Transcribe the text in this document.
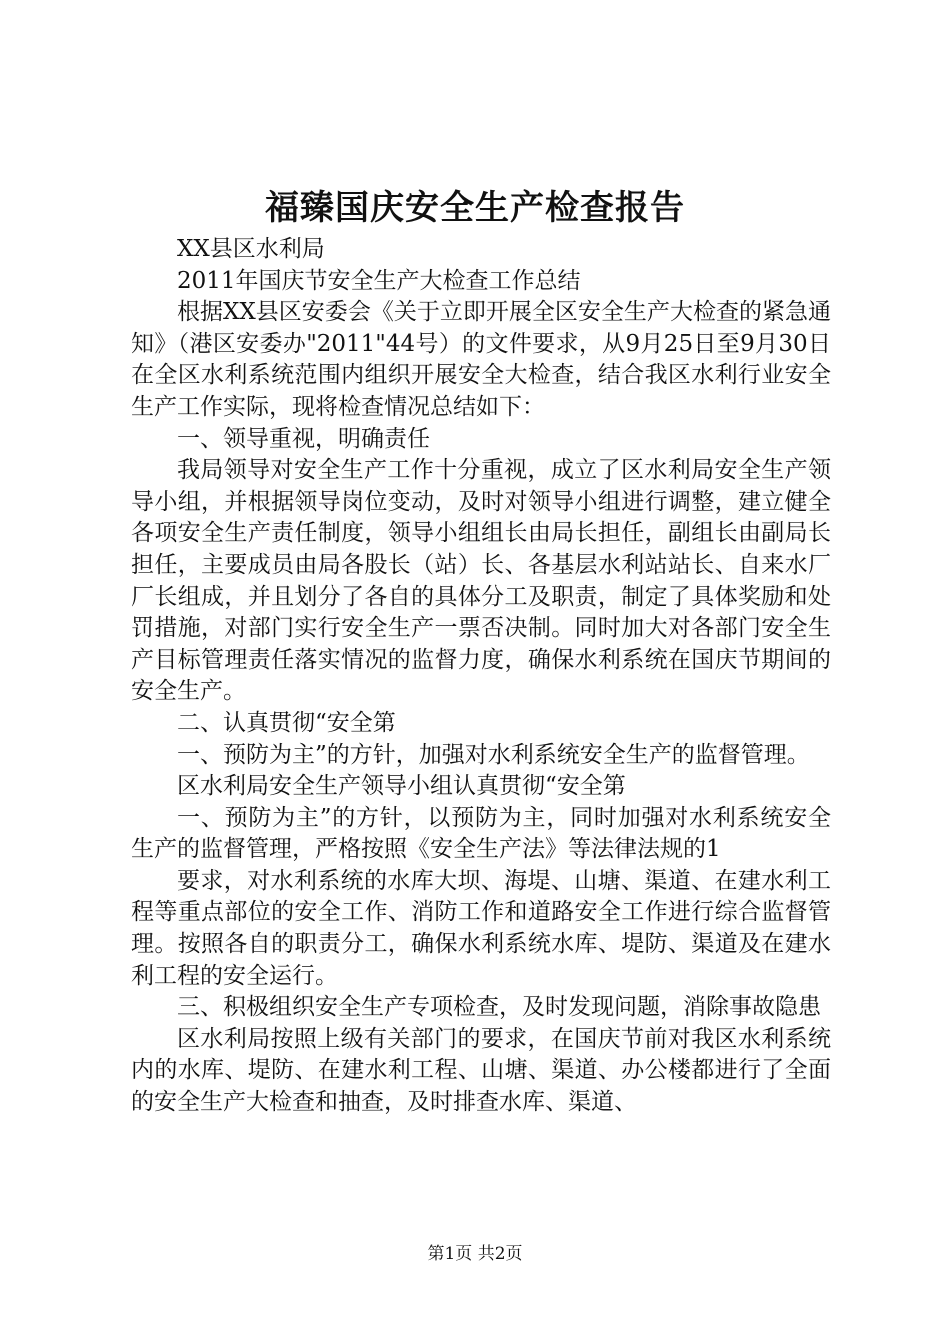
福臻国庆安全生产检查报告

XX县区水利局

2011年国庆节安全生产大检查工作总结

根据XX县区安委会《关于立即开展全区安全生产大检查的紧急通知》（港区安委办"2011"44号）的文件要求，从9月25日至9月30日在全区水利系统范围内组织开展安全大检查，结合我区水利行业安全生产工作实际，现将检查情况总结如下：

一、领导重视，明确责任

我局领导对安全生产工作十分重视，成立了区水利局安全生产领导小组，并根据领导岗位变动，及时对领导小组进行调整，建立健全各项安全生产责任制度，领导小组组长由局长担任，副组长由副局长担任，主要成员由局各股长（站）长、各基层水利站站长、自来水厂厂长组成，并且划分了各自的具体分工及职责，制定了具体奖励和处罚措施，对部门实行安全生产一票否决制。同时加大对各部门安全生产目标管理责任落实情况的监督力度，确保水利系统在国庆节期间的安全生产。

二、认真贯彻“安全第

一、预防为主”的方针，加强对水利系统安全生产的监督管理。

区水利局安全生产领导小组认真贯彻“安全第

一、预防为主”的方针，以预防为主，同时加强对水利系统安全生产的监督管理，严格按照《安全生产法》等法律法规的1

要求，对水利系统的水库大坝、海堤、山塘、渠道、在建水利工程等重点部位的安全工作、消防工作和道路安全工作进行综合监督管理。按照各自的职责分工，确保水利系统水库、堤防、渠道及在建水利工程的安全运行。

三、积极组织安全生产专项检查，及时发现问题，消除事故隐患

区水利局按照上级有关部门的要求，在国庆节前对我区水利系统内的水库、堤防、在建水利工程、山塘、渠道、办公楼都进行了全面的安全生产大检查和抽查，及时排查水库、渠道、

第1页 共2页
